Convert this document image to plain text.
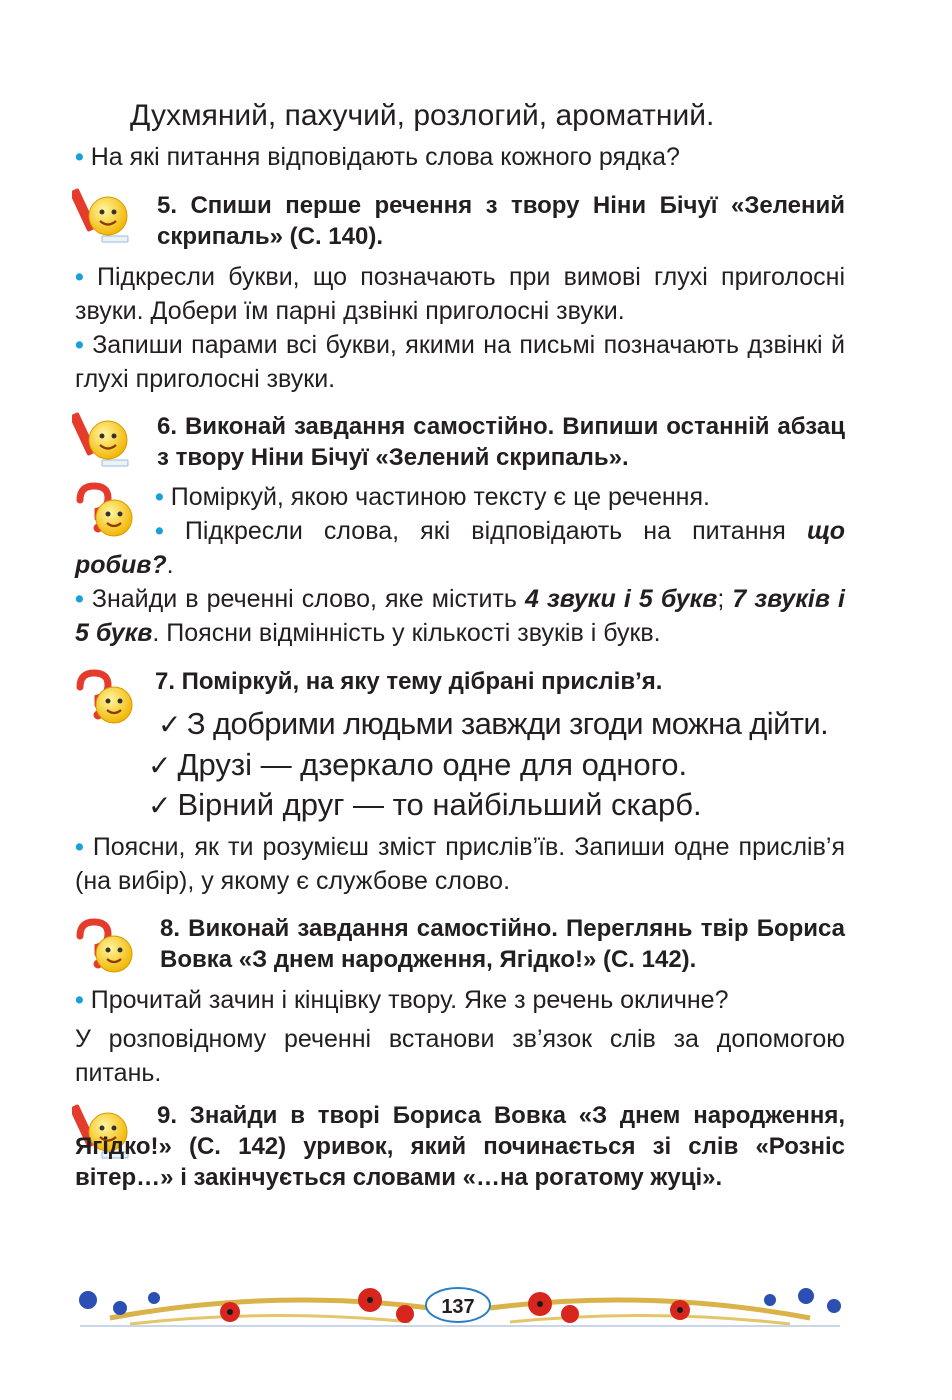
Духмяний, пахучий, розлогий, ароматний.

• На які питання відповідають слова кожного рядка?

5. Спиши перше речення з твору Ніни Бічуї «Зелений скрипаль» (С. 140).

• Підкресли букви, що позначають при вимові глухі приголосні звуки. Добери їм парні дзвінкі приголосні звуки.

• Запиши парами всі букви, якими на письмі позначають дзвінкі й глухі приголосні звуки.

6. Виконай завдання самостійно. Випиши останній абзац з твору Ніни Бічуї «Зелений скрипаль».

• Поміркуй, якою частиною тексту є це речення.

• Підкресли слова, які відповідають на питання що робив?.

• Знайди в реченні слово, яке містить 4 звуки і 5 букв; 7 звуків і 5 букв. Поясни відмінність у кількості звуків і букв.

7. Поміркуй, на яку тему дібрані прислів’я.

✓ З добрими людьми завжди згоди можна дійти.
✓ Друзі — дзеркало одне для одного.
✓ Вірний друг — то найбільший скарб.

• Поясни, як ти розумієш зміст прислів’їв. Запиши одне прислів’я (на вибір), у якому є службове слово.

8. Виконай завдання самостійно. Переглянь твір Бориса Вовка «З днем народження, Ягідко!» (С. 142).

• Прочитай зачин і кінцівку твору. Яке з речень окличне?

У розповідному реченні встанови зв’язок слів за допомогою питань.

9. Знайди в творі Бориса Вовка «З днем народження, Ягідко!» (С. 142) уривок, який починається зі слів «Розніс вітер…» і закінчується словами «…на рогатому жуці».

137
